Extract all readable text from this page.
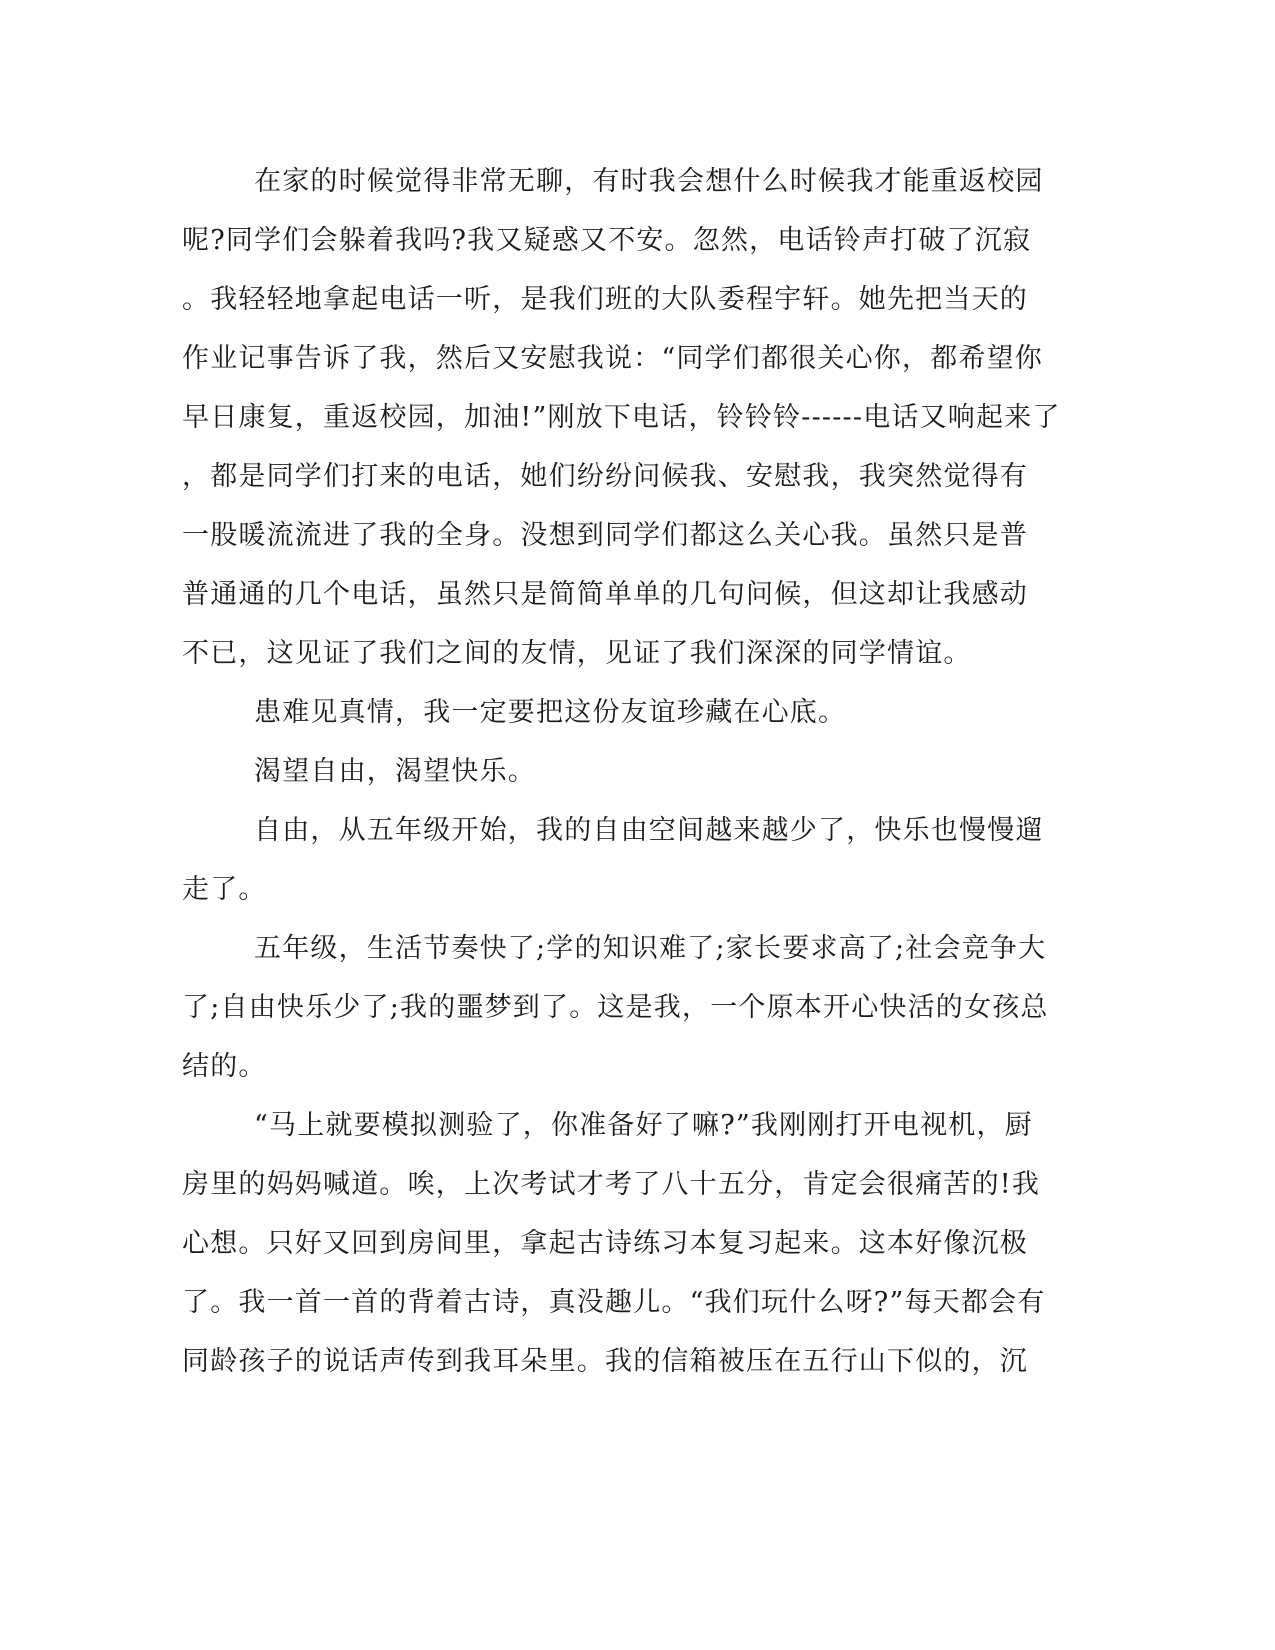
在家的时候觉得非常无聊，有时我会想什么时候我才能重返校园
呢?同学们会躲着我吗?我又疑惑又不安。忽然，电话铃声打破了沉寂
。我轻轻地拿起电话一听，是我们班的大队委程宇轩。她先把当天的
作业记事告诉了我，然后又安慰我说：“同学们都很关心你，都希望你
早日康复，重返校园，加油!”刚放下电话，铃铃铃------电话又响起来了
，都是同学们打来的电话，她们纷纷问候我、安慰我，我突然觉得有
一股暖流流进了我的全身。没想到同学们都这么关心我。虽然只是普
普通通的几个电话，虽然只是简简单单的几句问候，但这却让我感动
不已，这见证了我们之间的友情，见证了我们深深的同学情谊。
患难见真情，我一定要把这份友谊珍藏在心底。
渴望自由，渴望快乐。
自由，从五年级开始，我的自由空间越来越少了，快乐也慢慢遛
走了。
五年级，生活节奏快了;学的知识难了;家长要求高了;社会竞争大
了;自由快乐少了;我的噩梦到了。这是我，一个原本开心快活的女孩总
结的。
“马上就要模拟测验了，你准备好了嘛?”我刚刚打开电视机，厨
房里的妈妈喊道。唉，上次考试才考了八十五分，肯定会很痛苦的!我
心想。只好又回到房间里，拿起古诗练习本复习起来。这本好像沉极
了。我一首一首的背着古诗，真没趣儿。“我们玩什么呀?”每天都会有
同龄孩子的说话声传到我耳朵里。我的信箱被压在五行山下似的，沉
